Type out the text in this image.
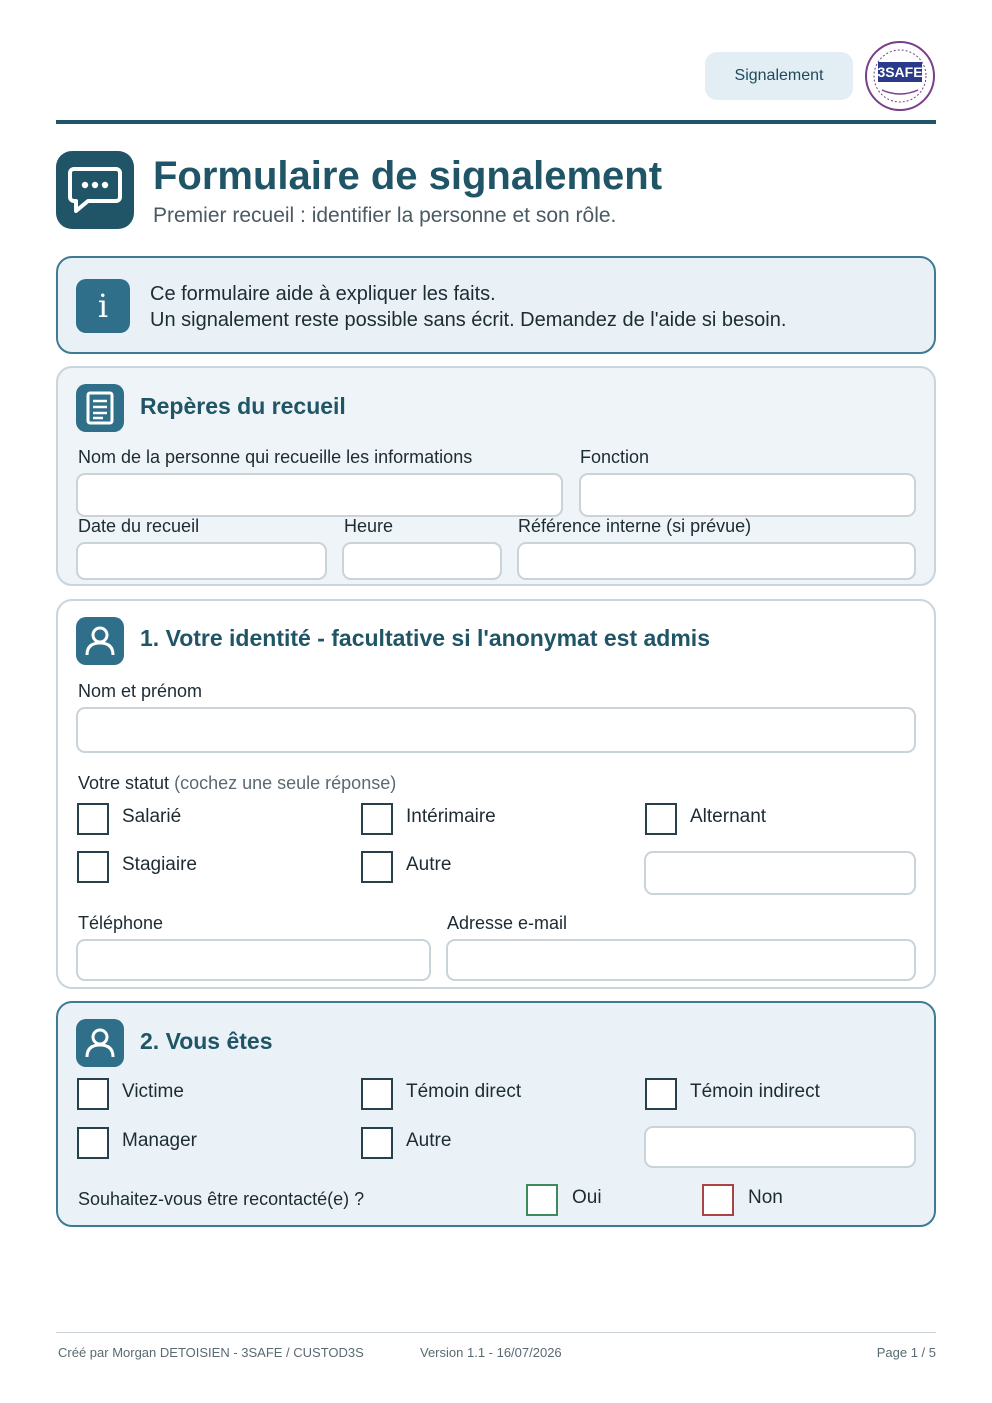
Signalement	3SAFE
Formulaire de signalement
Premier recueil : identifier la personne et son rôle.
i	Ce formulaire aide à expliquer les faits.
Un signalement reste possible sans écrit. Demandez de l'aide si besoin.
Repères du recueil
Nom de la personne qui recueille les informations	Fonction
Date du recueil	Heure	Référence interne (si prévue)
1. Votre identité - facultative si l'anonymat est admis
Nom et prénom
Votre statut (cochez une seule réponse)
Salarié	Intérimaire	Alternant
Stagiaire	Autre
Téléphone	Adresse e-mail
2. Vous êtes
Victime	Témoin direct	Témoin indirect
Manager	Autre
Souhaitez-vous être recontacté(e) ?	Oui	Non
Créé par Morgan DETOISIEN - 3SAFE / CUSTOD3S	Version 1.1 - 16/07/2026	Page 1 / 5
